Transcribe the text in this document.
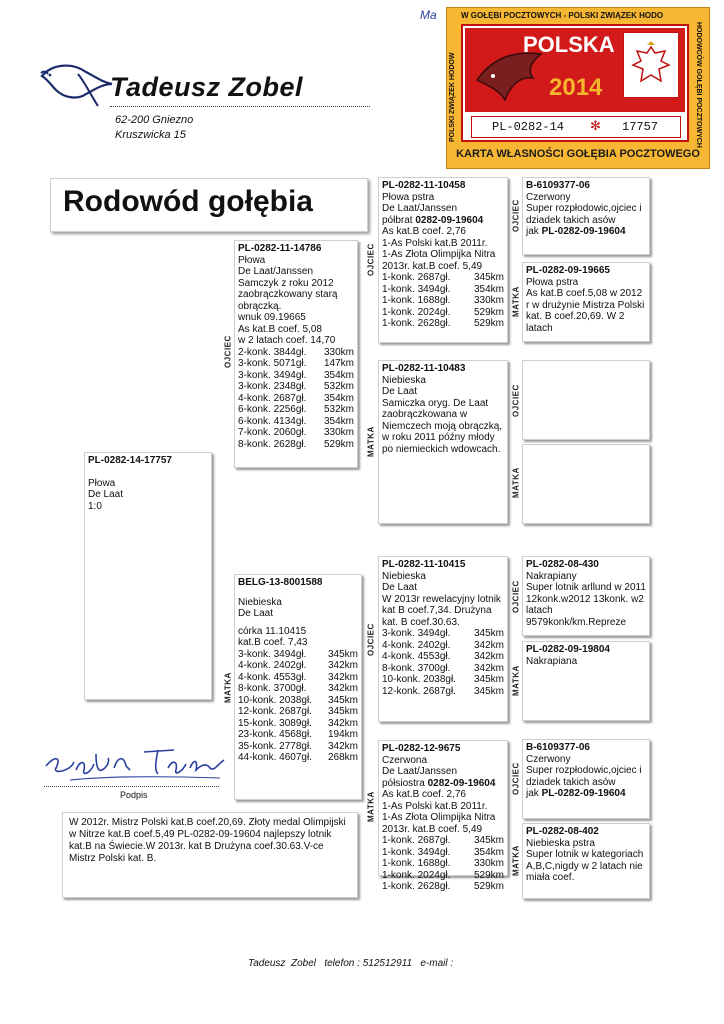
Ma
Tadeusz Zobel
62-200 Gniezno
Kruszwicka 15
W GOŁĘBI POCZTOWYCH - POLSKI ZWIĄZEK HODO
POLSKI ZWIĄZEK HODOW	HODOWCÓW GOŁĘBI POCZTOWYCH
POLSKA
2014
PL-0282-14 ✻ 17757
KARTA WŁASNOŚCI GOŁĘBIA POCZTOWEGO
Rodowód gołębia
PL-0282-14-17757
Płowa
De Laat
1:0
OJCIEC
PL-0282-11-14786
Płowa
De Laat/Janssen
Samczyk z roku 2012 zaobrączkowany starą obrączką.
wnuk 09.19665
As kat.B coef. 5,08
w 2 latach coef. 14,70
2-konk. 3844gł. 330km
3-konk. 5071gł. 147km
3-konk. 3494gł. 354km
3-konk. 2348gł. 532km
4-konk. 2687gł. 354km
6-konk. 2256gł. 532km
6-konk. 4134gł. 354km
7-konk. 2060gł. 330km
8-konk. 2628gł. 529km
MATKA
BELG-13-8001588
Niebieska
De Laat
córka 11.10415
kat.B coef. 7,43
3-konk. 3494gł. 345km
4-konk. 2402gł. 342km
4-konk. 4553gł. 342km
8-konk. 3700gł. 342km
10-konk. 2038gł. 345km
12-konk. 2687gł. 345km
15-konk. 3089gł. 342km
23-konk. 4568gł. 194km
35-konk. 2778gł. 342km
44-konk. 4607gł. 268km
OJCIEC
PL-0282-11-10458
Płowa pstra
De Laat/Janssen
półbrat 0282-09-19604
As kat.B coef. 2,76
1-As Polski kat.B 2011r.
1-As Złota Olimpijka Nitra 2013r. kat.B coef. 5,49
1-konk. 2687gł. 345km
1-konk. 3494gł. 354km
1-konk. 1688gł. 330km
1-konk. 2024gł. 529km
1-konk. 2628gł. 529km
MATKA
PL-0282-11-10483
Niebieska
De Laat
Samiczka oryg. De Laat zaobrączkowana w Niemczech moją obrączką, w roku 2011 późny młody po niemieckich wdowcach.
OJCIEC
PL-0282-11-10415
Niebieska
De Laat
W 2013r rewelacyjny lotnik kat B coef.7,34. Drużyna kat. B coef.30.63.
3-konk. 3494gł. 345km
4-konk. 2402gł. 342km
4-konk. 4553gł. 342km
8-konk. 3700gł. 342km
10-konk. 2038gł. 345km
12-konk. 2687gł. 345km
MATKA
PL-0282-12-9675
Czerwona
De Laat/Janssen
półsiostra 0282-09-19604
As kat.B coef. 2,76
1-As Polski kat.B 2011r.
1-As Złota Olimpijka Nitra 2013r. kat.B coef. 5,49
1-konk. 2687gł. 345km
1-konk. 3494gł. 354km
1-konk. 1688gł. 330km
1-konk. 2024gł. 529km
1-konk. 2628gł. 529km
OJCIEC
B-6109377-06
Czerwony
Super rozpłodowic,ojciec i dziadek takich asów
jak PL-0282-09-19604
MATKA
PL-0282-09-19665
Płowa pstra
As kat.B coef.5,08 w 2012 r w drużynie Mistrza Polski kat. B coef.20,69. W 2 latach
OJCIEC
MATKA
OJCIEC
PL-0282-08-430
Nakrapiany
Super lotnik arllund w 2011 12konk.w2012 13konk. w2 latach 9579konk/km.Repreze
MATKA
PL-0282-09-19804
Nakrapiana
OJCIEC
B-6109377-06
Czerwony
Super rozpłodowic,ojciec i dziadek takich asów
jak PL-0282-09-19604
MATKA
PL-0282-08-402
Niebieska pstra
Super lotnik w kategoriach
A,B,C,nigdy w 2 latach nie miała coef.
Podpis
W 2012r. Mistrz Polski kat.B coef.20,69. Złoty medal Olimpijski w Nitrze kat.B coef.5,49 PL-0282-09-19604 najlepszy lotnik kat.B na Świecie.W 2013r. kat B Drużyna coef.30.63.V-ce Mistrz Polski kat. B.
Tadeusz  Zobel   telefon : 512512911   e-mail :
